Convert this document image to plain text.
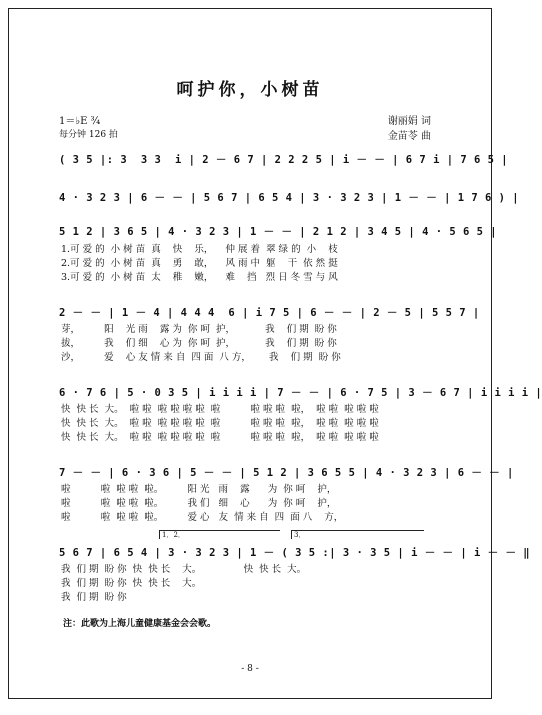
呵护你，小树苗
1＝♭E ¾
每分钟 126 拍
谢丽娟 词
金苗苓 曲
( 3 5 |: 3  3 3  i | 2 － 6 7 | 2 2 2 5 | i － － | 6 7 i | 7 6 5 |
4 · 3 2 3 | 6 － － | 5 6 7 | 6 5 4 | 3 · 3 2 3 | 1 － － | 1 7 6 ) |
5 1 2 | 3 6 5 | 4 · 3 2 3 | 1 － － | 2 1 2 | 3 4 5 | 4 · 5 6 5 |
1.可 爱 的  小 树 苗  真    快    乐，    仲 展 着  翠 绿 的  小    枝
2.可 爱 的  小 树 苗  真    勇    敢，    风 雨 中  躯    干  依 然 挺
3.可 爱 的  小 树 苗  太    稚    嫩，    难    挡   烈 日 冬 雪 与 风
2 － － | 1 － 4 | 4 4 4  6 | i 7 5 | 6 － － | 2 － 5 | 5 5 7 |
芽，        阳    光 雨    露 为  你 呵  护，          我    们 期  盼 你
拔，        我    们 细    心 为  你 呵  护，          我    们 期  盼 你
沙，        爱    心 友 情 来 自  四 面  八 方，      我    们 期  盼 你
6 · 7 6 | 5 · 0 3 5 | i i i i | 7 － － | 6 · 7 5 | 3 － 6 7 | i i i i |
快  快 长  大。  啦 啦  啦 啦 啦 啦  啦          啦 啦 啦  啦，  啦 啦  啦 啦 啦
快  快 长  大。  啦 啦  啦 啦 啦 啦  啦          啦 啦 啦  啦，  啦 啦  啦 啦 啦
快  快 长  大。  啦 啦  啦 啦 啦 啦  啦          啦 啦 啦  啦，  啦 啦  啦 啦 啦
7 － － | 6 · 3 6 | 5 － － | 5 1 2 | 3 6 5 5 | 4 · 3 2 3 | 6 － － |
啦          啦  啦 啦  啦。        阳 光   雨    露      为  你 呵    护，
啦          啦  啦 啦  啦。        我 们   细    心      为  你 呵    护，
啦          啦  啦 啦  啦。        爱 心   友  情 来 自  四  面 八    方，
1．2．	3．
5 6 7 | 6 5 4 | 3 · 3 2 3 | 1 － ( 3 5 :| 3 · 3 5 | i － － | i － － ‖
我  们 期  盼 你  快  快 长    大。              快  快 长  大。
我  们 期  盼 你  快  快 长    大。
我  们 期  盼 你
注：此歌为上海儿童健康基金会会歌。
- 8 -
